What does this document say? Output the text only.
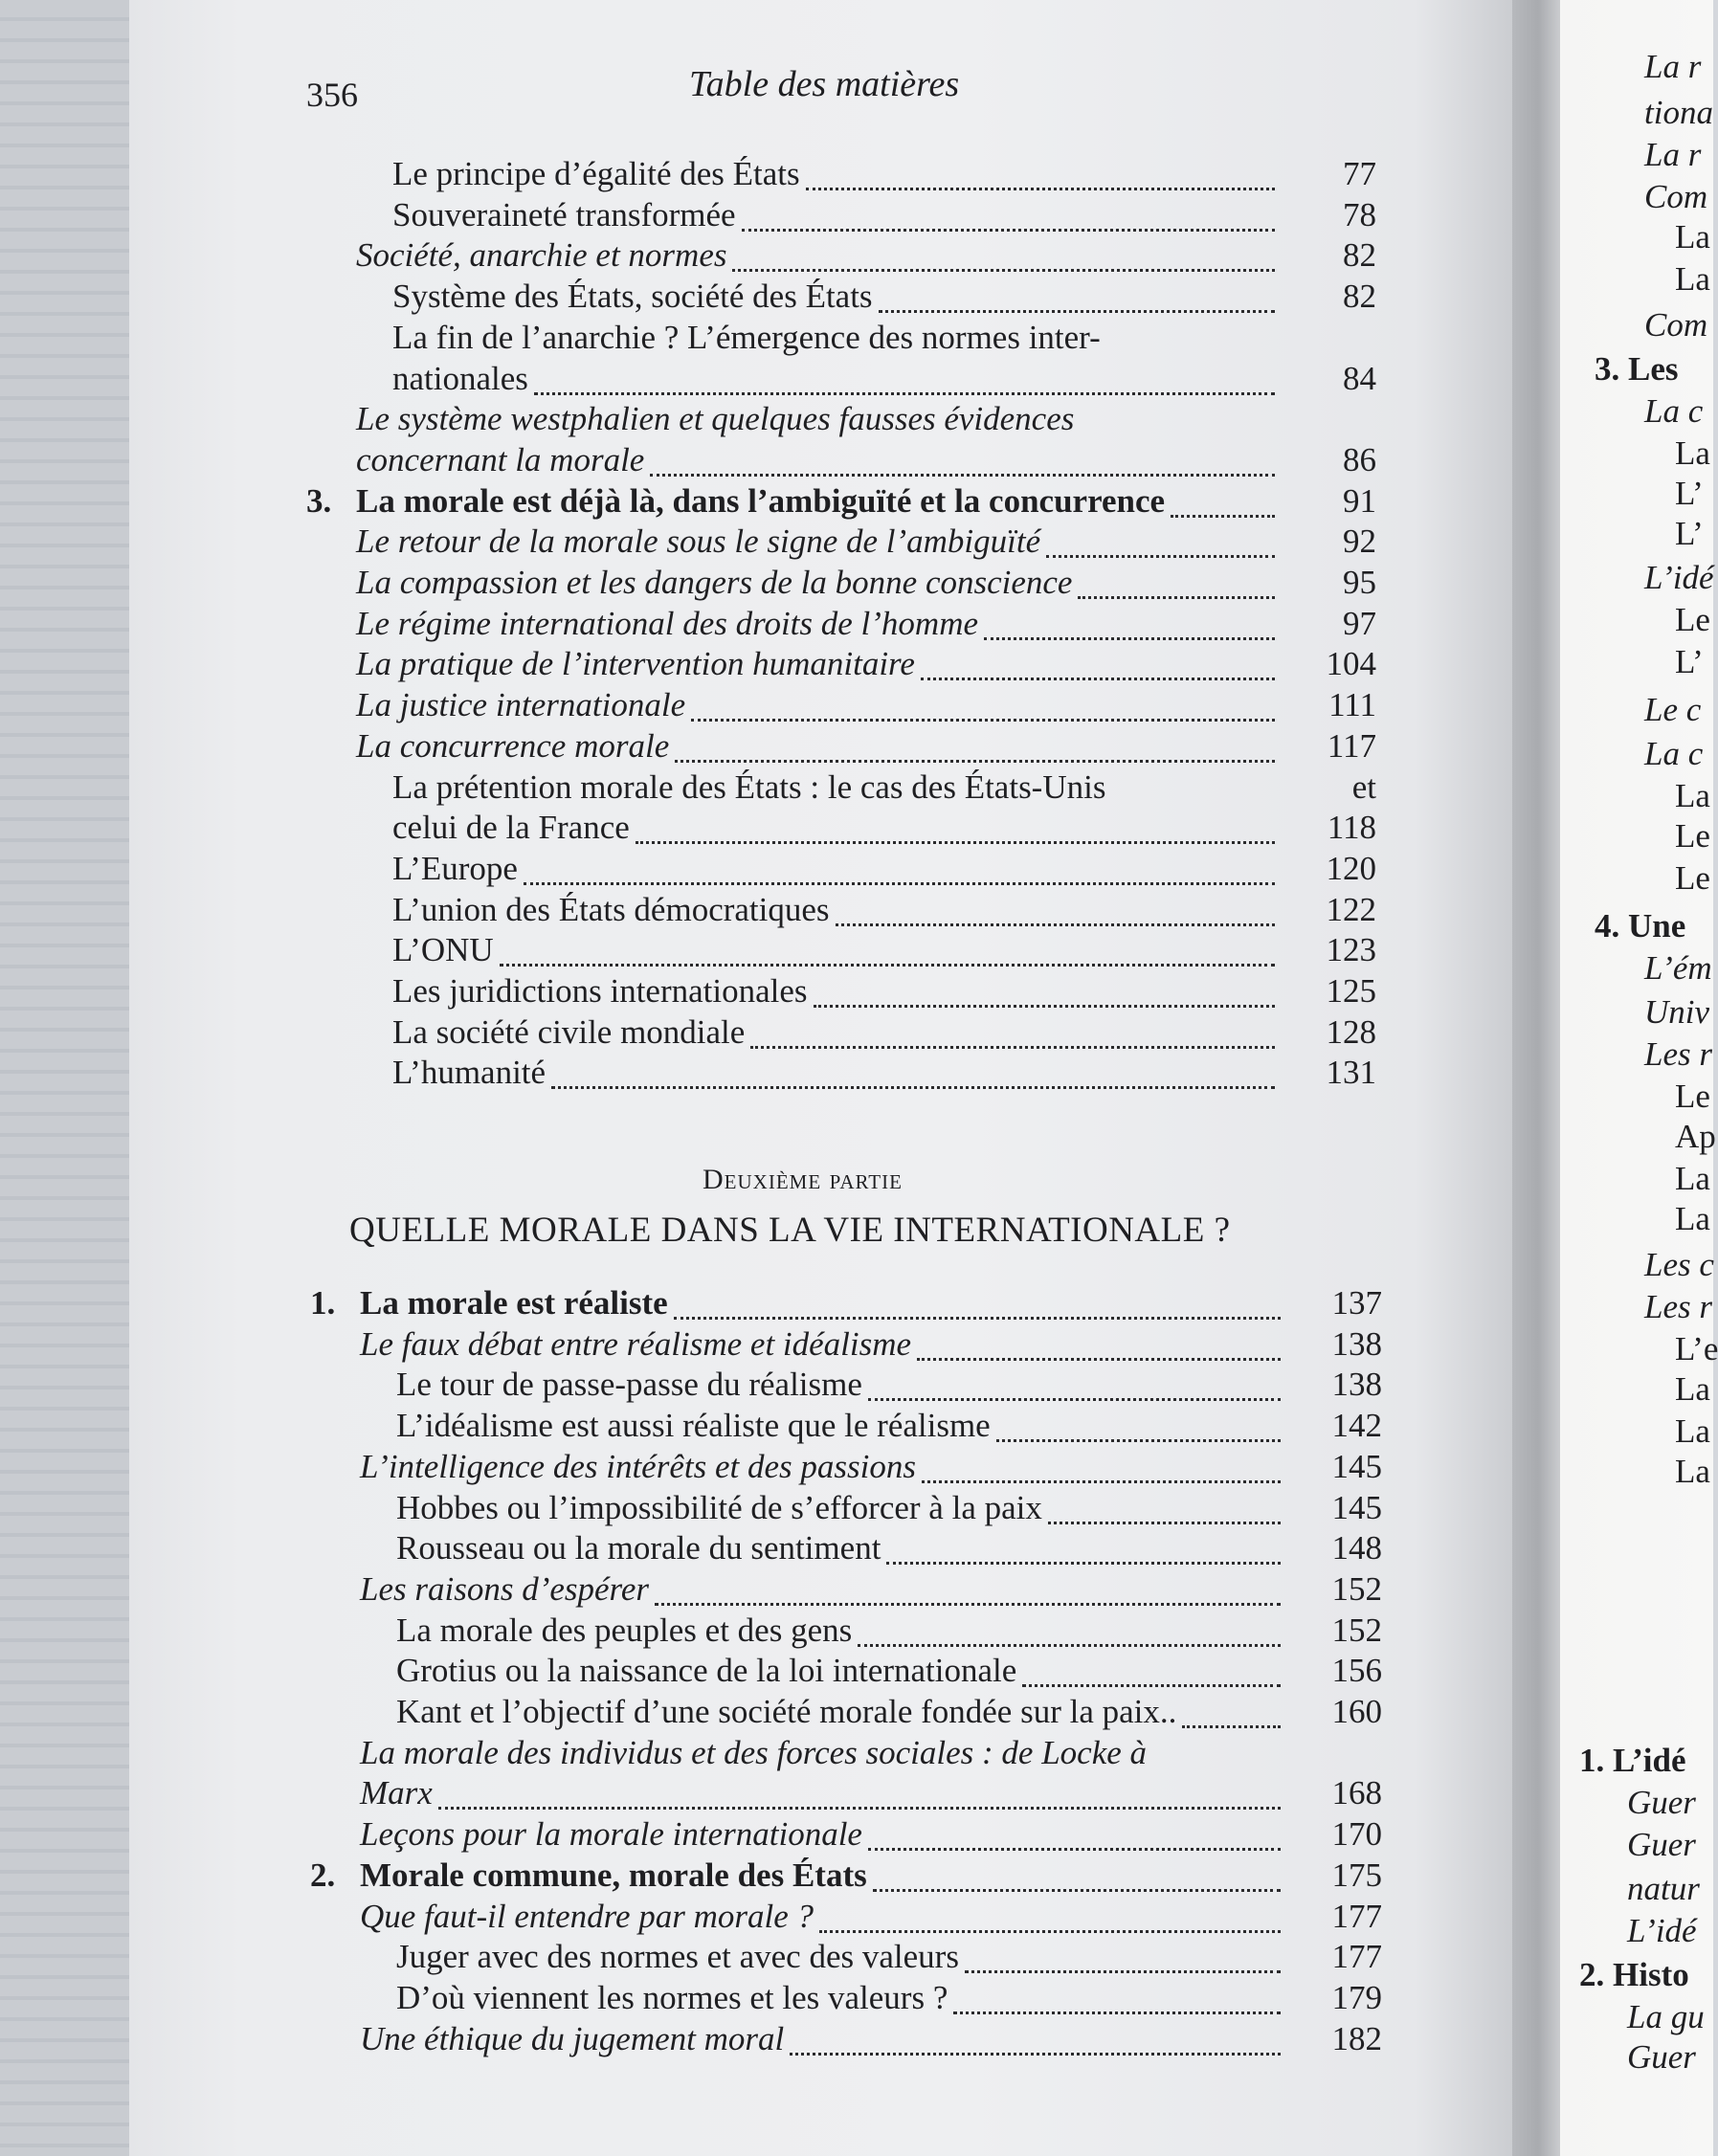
La r
tiona
La r
Com
La
La
Com
3. Les
La c
La
L’
L’
L’idé
Le
L’
Le c
La c
La
Le
Le
4. Une
L’ém
Univ
Les r
Le
Ap
La
La
Les c
Les r
L’e
La
La
La
1. L’idé
Guer
Guer
natur
L’idé
2. Histo
La gu
Guer
356	Table des matières
Le principe d’égalité des États	77
Souveraineté transformée	78
Société, anarchie et normes	82
Système des États, société des États	82
La fin de l’anarchie ? L’émergence des normes inter-
nationales	84
Le système westphalien et quelques fausses évidences
concernant la morale	86
3. La morale est déjà là, dans l’ambiguïté et la concurrence	91
Le retour de la morale sous le signe de l’ambiguïté	92
La compassion et les dangers de la bonne conscience	95
Le régime international des droits de l’homme	97
La pratique de l’intervention humanitaire	104
La justice internationale	111
La concurrence morale	117
La prétention morale des États : le cas des États-Unis	et
celui de la France	118
L’Europe	120
L’union des États démocratiques	122
L’ONU	123
Les juridictions internationales	125
La société civile mondiale	128
L’humanité	131
Deuxième partie
QUELLE MORALE DANS LA VIE INTERNATIONALE ?
1. La morale est réaliste	137
Le faux débat entre réalisme et idéalisme	138
Le tour de passe-passe du réalisme	138
L’idéalisme est aussi réaliste que le réalisme	142
L’intelligence des intérêts et des passions	145
Hobbes ou l’impossibilité de s’efforcer à la paix	145
Rousseau ou la morale du sentiment	148
Les raisons d’espérer	152
La morale des peuples et des gens	152
Grotius ou la naissance de la loi internationale	156
Kant et l’objectif d’une société morale fondée sur la paix..	160
La morale des individus et des forces sociales : de Locke à
Marx	168
Leçons pour la morale internationale	170
2. Morale commune, morale des États	175
Que faut-il entendre par morale ?	177
Juger avec des normes et avec des valeurs	177
D’où viennent les normes et les valeurs ?	179
Une éthique du jugement moral	182
